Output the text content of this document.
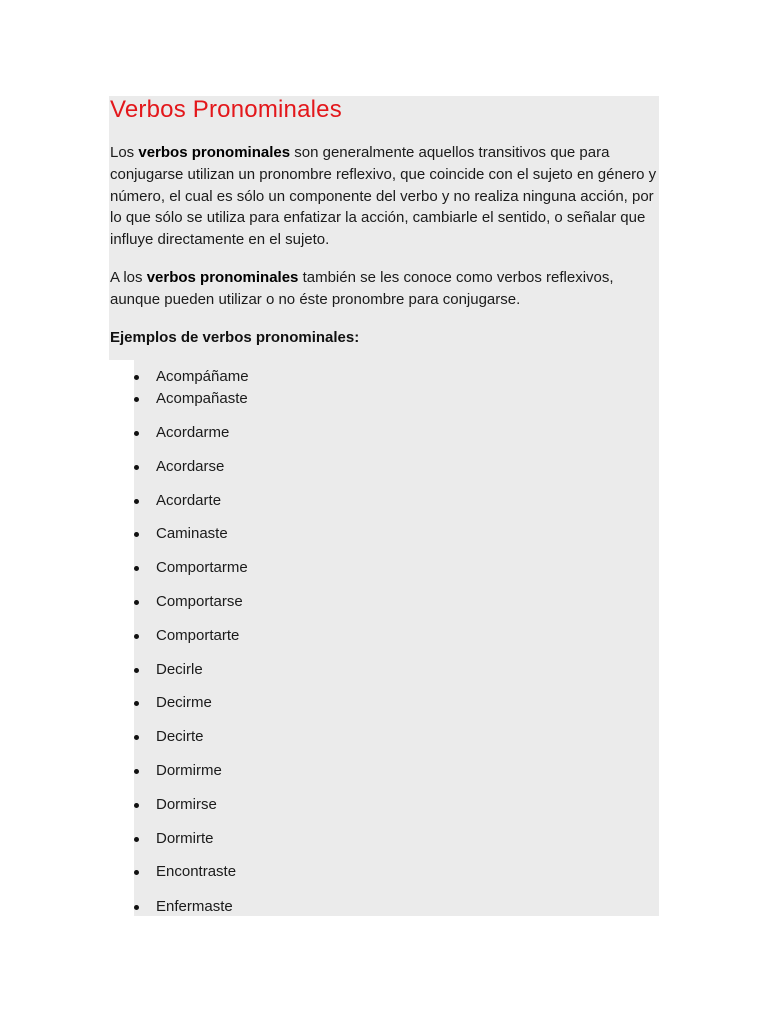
Verbos Pronominales

Los verbos pronominales son generalmente aquellos transitivos que para conjugarse utilizan un pronombre reflexivo, que coincide con el sujeto en género y número, el cual es sólo un componente del verbo y no realiza ninguna acción, por lo que sólo se utiliza para enfatizar la acción, cambiarle el sentido, o señalar que influye directamente en el sujeto.

A los verbos pronominales también se les conoce como verbos reflexivos, aunque pueden utilizar o no éste pronombre para conjugarse.

Ejemplos de verbos pronominales:

Acompáñame
Acompañaste
Acordarme
Acordarse
Acordarte
Caminaste
Comportarme
Comportarse
Comportarte
Decirle
Decirme
Decirte
Dormirme
Dormirse
Dormirte
Encontraste
Enfermaste
